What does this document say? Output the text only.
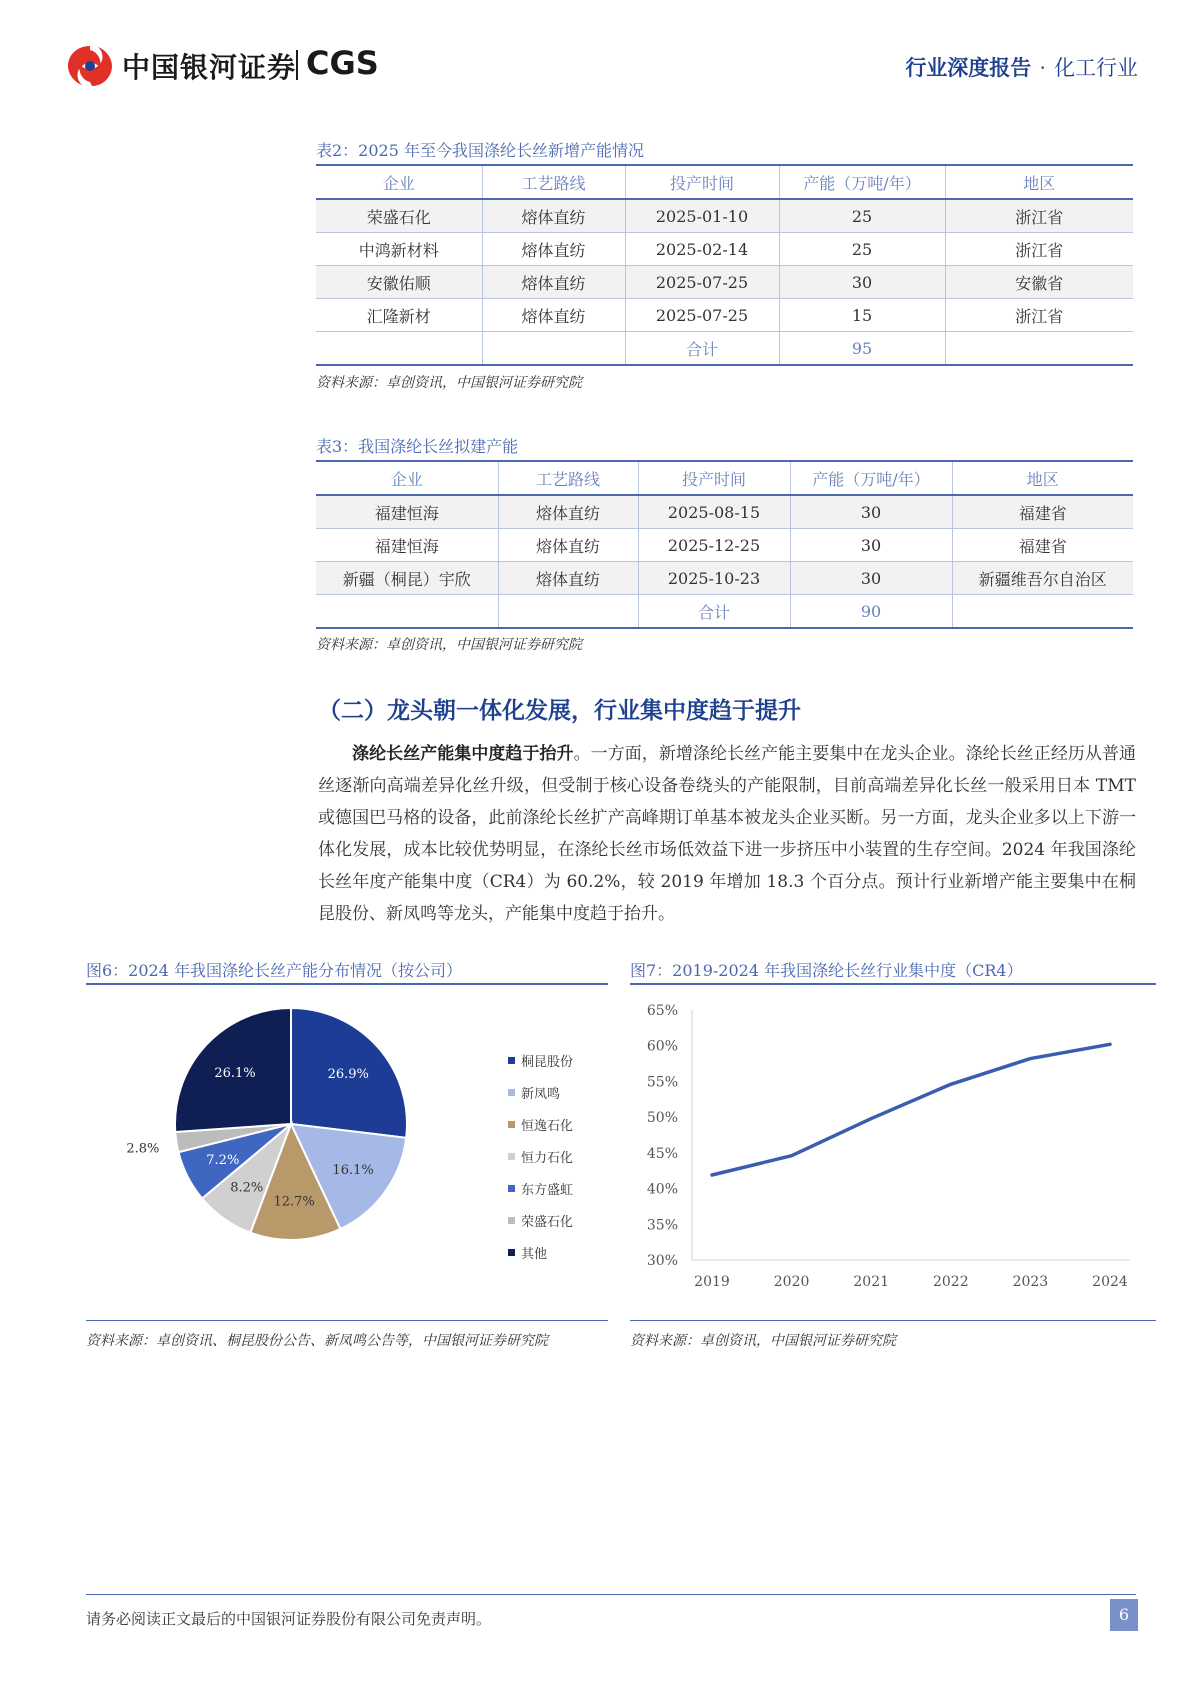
中国银河证券 CGS	行业深度报告 · 化工行业
表2：2025 年至今我国涤纶长丝新增产能情况
企业	工艺路线	投产时间	产能（万吨/年）	地区
荣盛石化	熔体直纺	2025-01-10	25	浙江省
中鸿新材料	熔体直纺	2025-02-14	25	浙江省
安徽佑顺	熔体直纺	2025-07-25	30	安徽省
汇隆新材	熔体直纺	2025-07-25	15	浙江省
		合计	95	
资料来源：卓创资讯，中国银河证券研究院
表3：我国涤纶长丝拟建产能
企业	工艺路线	投产时间	产能（万吨/年）	地区
福建恒海	熔体直纺	2025-08-15	30	福建省
福建恒海	熔体直纺	2025-12-25	30	福建省
新疆（桐昆）宇欣	熔体直纺	2025-10-23	30	新疆维吾尔自治区
		合计	90	
资料来源：卓创资讯，中国银河证券研究院
（二）龙头朝一体化发展，行业集中度趋于提升
  涤纶长丝产能集中度趋于抬升。一方面，新增涤纶长丝产能主要集中在龙头企业。涤纶长丝正经历从普通丝逐渐向高端差异化丝升级，但受制于核心设备卷绕头的产能限制，目前高端差异化长丝一般采用日本 TMT 或德国巴马格的设备，此前涤纶长丝扩产高峰期订单基本被龙头企业买断。另一方面，龙头企业多以上下游一体化发展，成本比较优势明显，在涤纶长丝市场低效益下进一步挤压中小装置的生存空间。2024 年我国涤纶长丝年度产能集中度（CR4）为 60.2%，较 2019 年增加 18.3 个百分点。预计行业新增产能主要集中在桐昆股份、新凤鸣等龙头，产能集中度趋于抬升。
图6：2024 年我国涤纶长丝产能分布情况（按公司）
26.9%
16.1%
12.7%
8.2%
7.2%
2.8%
26.1%
桐昆股份
新凤鸣
恒逸石化
恒力石化
东方盛虹
荣盛石化
其他
资料来源：卓创资讯、桐昆股份公告、新凤鸣公告等，中国银河证券研究院
图7：2019-2024 年我国涤纶长丝行业集中度（CR4）
30%
35%
40%
45%
50%
55%
60%
65%
2019	2020	2021	2022	2023	2024
资料来源：卓创资讯，中国银河证券研究院
请务必阅读正文最后的中国银河证券股份有限公司免责声明。	6
